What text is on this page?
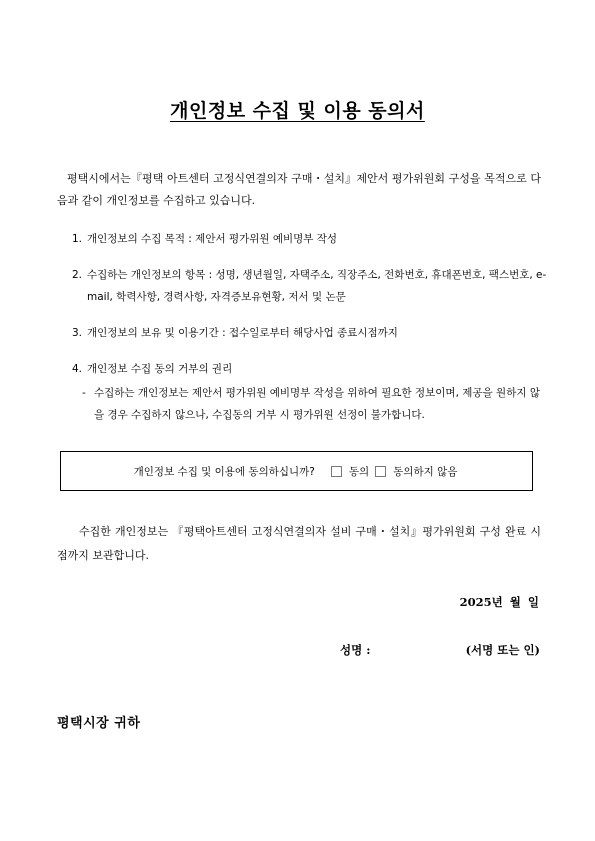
개인정보 수집 및 이용 동의서

평택시에서는『평택 아트센터 고정식연결의자 구매・설치』제안서 평가위원회 구성을 목적으로 다음과 같이 개인정보를 수집하고 있습니다.

1. 개인정보의 수집 목적 : 제안서 평가위원 예비명부 작성

2. 수집하는 개인정보의 항목 : 성명, 생년월일, 자택주소, 직장주소, 전화번호, 휴대폰번호, 팩스번호, e-mail, 학력사항, 경력사항, 자격증보유현황, 저서 및 논문

3. 개인정보의 보유 및 이용기간 : 접수일로부터 해당사업 종료시점까지

4. 개인정보 수집 동의 거부의 권리

- 수집하는 개인정보는 제안서 평가위원 예비명부 작성을 위하여 필요한 정보이며, 제공을 원하지 않을 경우 수집하지 않으나, 수집동의 거부 시 평가위원 선정이 불가합니다.
개인정보 수집 및 이용에 동의하십니까?	동의 동의하지 않음

수집한 개인정보는 『평택아트센터 고정식연결의자 설비 구매・설치』평가위원회 구성 완료 시점까지 보관합니다.

2025년 월 일
성명 :	(서명 또는 인)
평택시장 귀하
